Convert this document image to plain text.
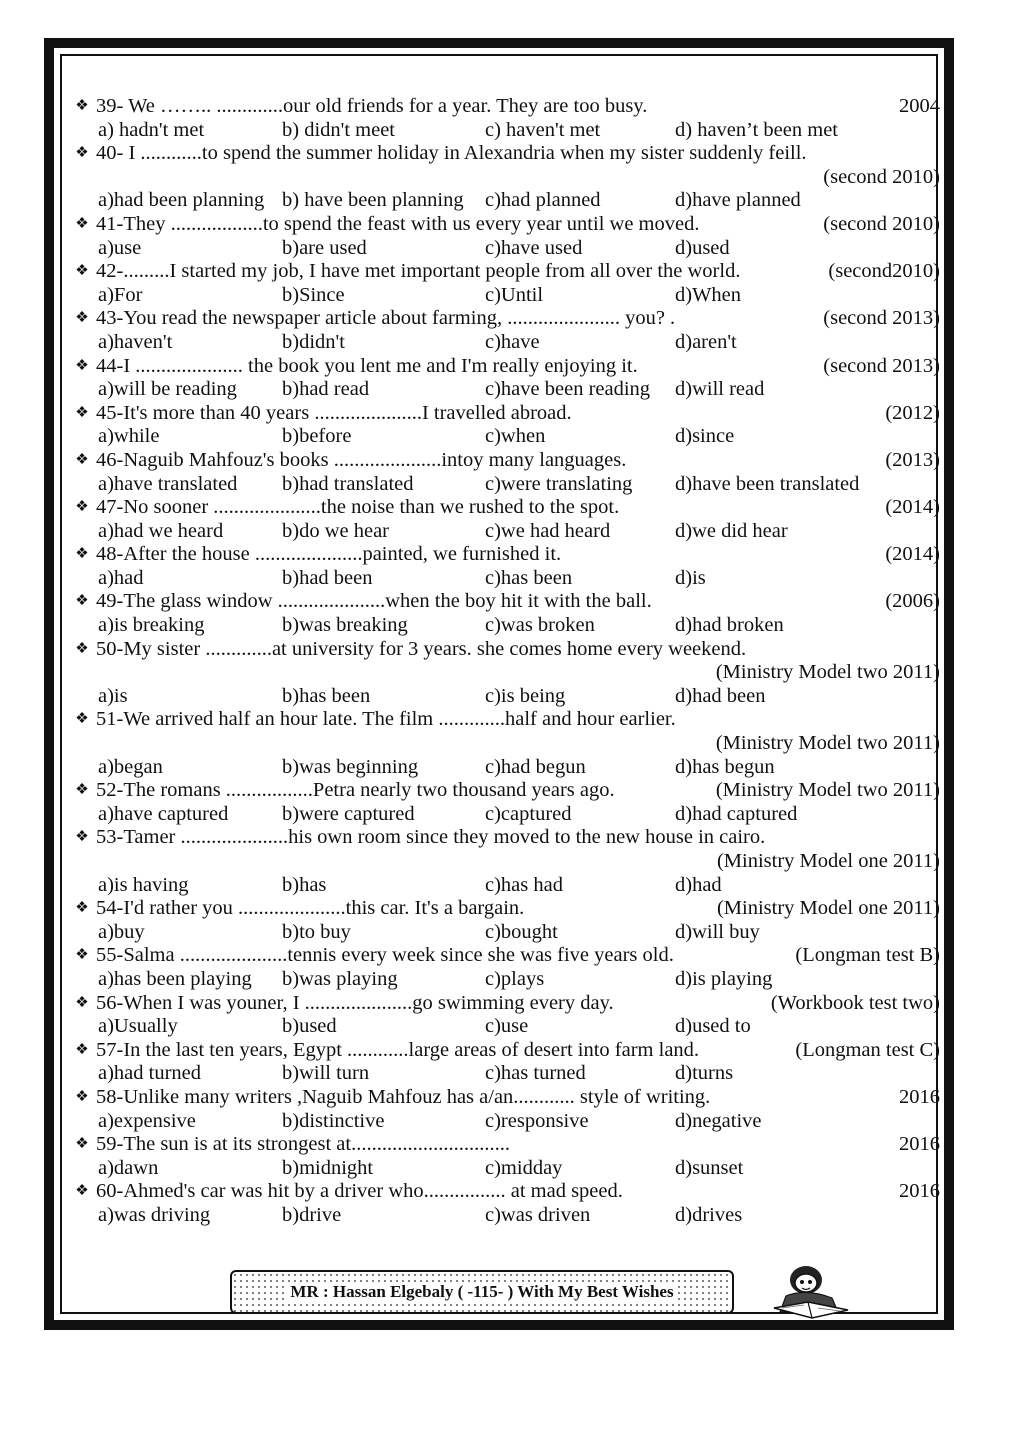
❖ 39- We …….. .............our old friends for a year. They are too busy.	2004
a) hadn't met	b) didn't meet	c) haven't met	d) haven’t been met
❖ 40- I ............to spend the summer holiday in Alexandria when my sister suddenly feill.
(second 2010)
a)had been planning b) have been planning c)had planned	d)have planned
❖ 41-They ..................to spend the feast with us every year until we moved.	(second 2010)
a)use	b)are used	c)have used	d)used
❖ 42-.........I started my job, I have met important people from all over the world.	(second2010)
a)For	b)Since	c)Until	d)When
❖ 43-You read the newspaper article about farming, ...................... you? .	(second 2013)
a)haven't	b)didn't	c)have	d)aren't
❖ 44-I ..................... the book you lent me and I'm really enjoying it.	(second 2013)
a)will be reading b)had read	c)have been reading d)will read
❖ 45-It's more than 40 years .....................I travelled abroad.	(2012)
a)while	b)before	c)when	d)since
❖ 46-Naguib Mahfouz's books .....................intoy many languages.	(2013)
a)have translated b)had translated	c)were translating d)have been translated
❖ 47-No sooner .....................the noise than we rushed to the spot.	(2014)
a)had we heard	b)do we hear	c)we had heard	d)we did hear
❖ 48-After the house .....................painted, we furnished it.	(2014)
a)had	b)had been	c)has been	d)is
❖ 49-The glass window .....................when the boy hit it with the ball.	(2006)
a)is breaking	b)was breaking	c)was broken	d)had broken
❖ 50-My sister .............at university for 3 years. she comes home every weekend.
(Ministry Model two 2011)
a)is	b)has been	c)is being	d)had been
❖ 51-We arrived half an hour late. The film .............half and hour earlier.
(Ministry Model two 2011)
a)began	b)was beginning	c)had begun	d)has begun
❖ 52-The romans .................Petra nearly two thousand years ago.	(Ministry Model two 2011)
a)have captured	b)were captured	c)captured	d)had captured
❖ 53-Tamer .....................his own room since they moved to the new house in cairo.
(Ministry Model one 2011)
a)is having	b)has	c)has had	d)had
❖ 54-I'd rather you .....................this car. It's a bargain.	(Ministry Model one 2011)
a)buy	b)to buy	c)bought	d)will buy
❖ 55-Salma .....................tennis every week since she was five years old.	(Longman test B)
a)has been playing b)was playing	c)plays	d)is playing
❖ 56-When I was youner, I .....................go swimming every day.	(Workbook test two)
a)Usually	b)used	c)use	d)used to
❖ 57-In the last ten years, Egypt ............large areas of desert into farm land.	(Longman test C)
a)had turned	b)will turn	c)has turned	d)turns
❖ 58-Unlike many writers ,Naguib Mahfouz has a/an............ style of writing.	2016
a)expensive	b)distinctive	c)responsive	d)negative
❖ 59-The sun is at its strongest at...............................	2016
a)dawn	b)midnight	c)midday	d)sunset
❖ 60-Ahmed's car was hit by a driver who................ at mad speed.	2016
a)was driving	b)drive	c)was driven	d)drives
MR : Hassan Elgebaly ( -115- ) With My Best Wishes
